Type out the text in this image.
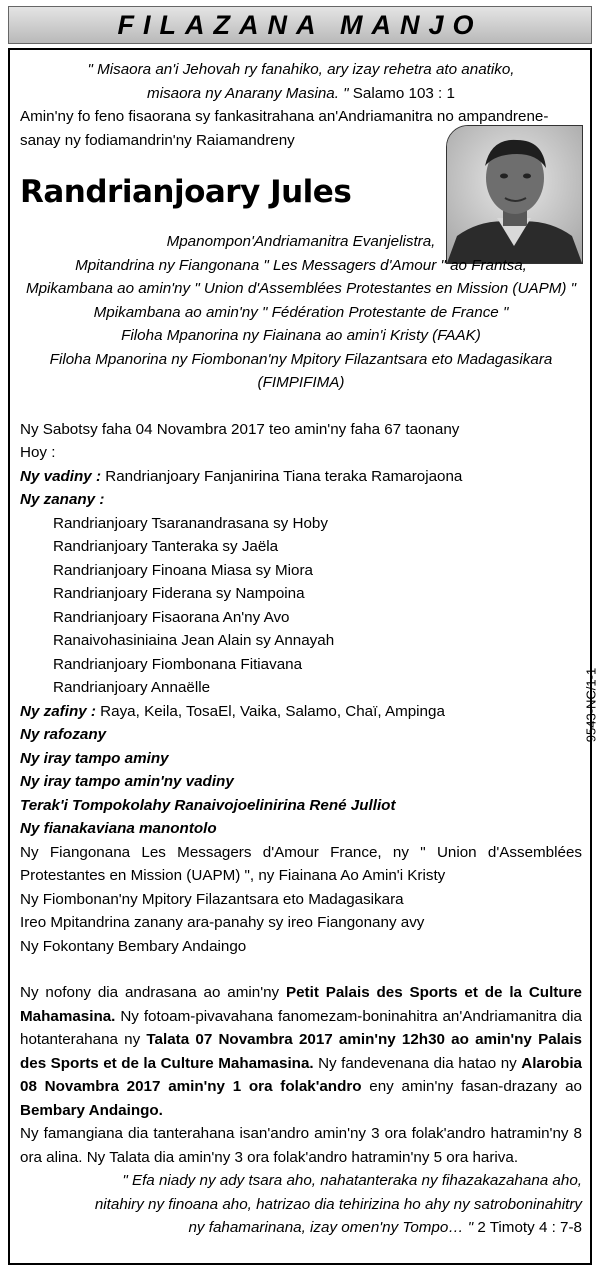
FILAZANA MANJO
" Misaora an'i Jehovah ry fanahiko, ary izay rehetra ato anatiko,
misaora ny Anarany Masina. " Salamo 103 : 1
Amin'ny fo feno fisaorana sy fankasitrahana an'Andriamanitra no ampandrene-sanay ny fodiamandrin'ny Raiamandreny
Randrianjoary Jules
Mpanompon'Andriamanitra Evanjelistra,
Mpitandrina ny Fiangonana " Les Messagers d'Amour " ao Frantsa,
Mpikambana ao amin'ny " Union d'Assemblées Protestantes en Mission (UAPM) "
Mpikambana ao amin'ny " Fédération Protestante de France "
Filoha Mpanorina ny Fiainana ao amin'i Kristy (FAAK)
Filoha Mpanorina ny Fiombonan'ny Mpitory Filazantsara eto Madagasikara
(FIMPIFIMA)
Ny Sabotsy faha 04 Novambra 2017 teo amin'ny faha 67 taonany
Hoy :
Ny vadiny : Randrianjoary Fanjanirina Tiana teraka Ramarojaona
Ny zanany :
Randrianjoary Tsaranandrasana sy Hoby
Randrianjoary Tanteraka sy Jaëla
Randrianjoary Finoana Miasa sy Miora
Randrianjoary Fiderana sy Nampoina
Randrianjoary Fisaorana An'ny Avo
Ranaivohasiniaina Jean Alain sy Annayah
Randrianjoary Fiombonana Fitiavana
Randrianjoary Annaëlle
Ny zafiny : Raya, Keila, TosaEl, Vaika, Salamo, Chaï, Ampinga
Ny rafozany
Ny iray tampo aminy
Ny iray tampo amin'ny vadiny
Terak'i Tompokolahy Ranaivojoelinirina René Julliot
Ny fianakaviana manontolo
Ny Fiangonana Les Messagers d'Amour France, ny " Union d'Assemblées Protestantes en Mission (UAPM) ", ny Fiainana Ao Amin'i Kristy
Ny Fiombonan'ny Mpitory Filazantsara eto Madagasikara
Ireo Mpitandrina zanany ara-panahy sy ireo Fiangonany avy
Ny Fokontany Bembary Andaingo
Ny nofony dia andrasana ao amin'ny Petit Palais des Sports et de la Culture Mahamasina. Ny fotoam-pivavahana fanomezam-boninahitra an'Andriamanitra dia hotanterahana ny Talata 07 Novambra 2017 amin'ny 12h30 ao amin'ny Palais des Sports et de la Culture Mahamasina. Ny fandevenana dia hatao ny Alarobia 08 Novambra 2017 amin'ny 1 ora folak'andro eny amin'ny fasan-drazany ao Bembary Andaingo.
Ny famangiana dia tanterahana isan'andro amin'ny 3 ora folak'andro hatramin'ny 8 ora alina. Ny Talata dia amin'ny 3 ora folak'andro hatramin'ny 5 ora hariva.
" Efa niady ny ady tsara aho, nahatanteraka ny fihazakazahana aho,
nitahiry ny finoana aho, hatrizao dia tehirizina ho ahy ny satroboninahitry
ny fahamarinana, izay omen'ny Tompo… " 2 Timoty 4 : 7-8
9543-NC/1-1
